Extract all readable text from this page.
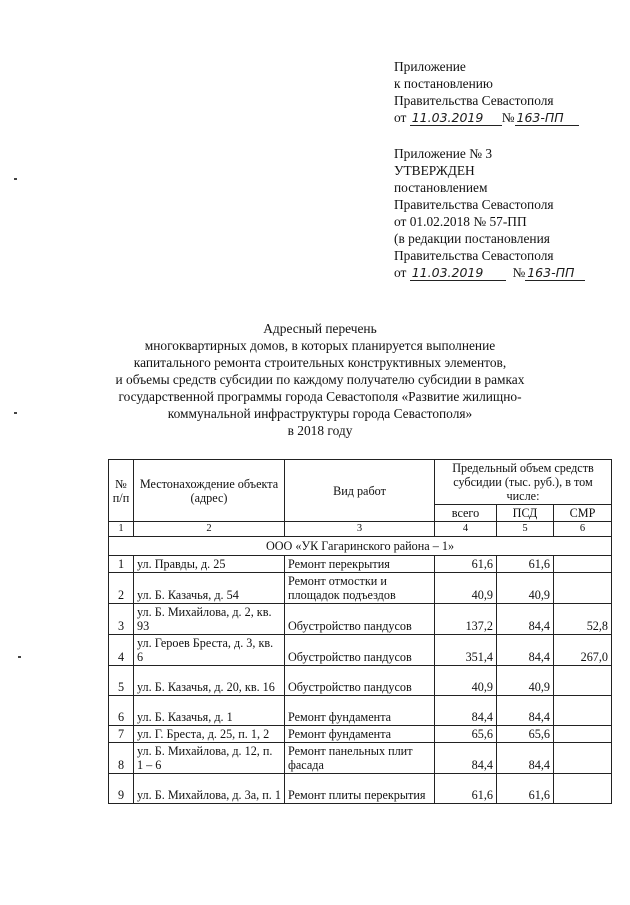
Приложение
к постановлению
Правительства Севастополя
от 11.03.2019 № 163-ПП
Приложение № 3
УТВЕРЖДЕН
постановлением
Правительства Севастополя
от 01.02.2018 № 57-ПП
(в редакции постановления
Правительства Севастополя
от 11.03.2019 № 163-ПП
Адресный перечень
многоквартирных домов, в которых планируется выполнение
капитального ремонта строительных конструктивных элементов,
и объемы средств субсидии по каждому получателю субсидии в рамках
государственной программы города Севастополя «Развитие жилищно-
коммунальной инфраструктуры города Севастополя»
в 2018 году
№ п/п	Местонахождение объекта (адрес)	Вид работ	Предельный объем средств субсидии (тыс. руб.), в том числе:		
			всего	ПСД	СМР
1	2	3	4	5	6
ООО «УК Гагаринского района – 1»					
1	ул. Правды, д. 25	Ремонт перекрытия	61,6	61,6	
2	ул. Б. Казачья, д. 54	Ремонт отмостки и площадок подъездов	40,9	40,9	
3	ул. Б. Михайлова, д. 2, кв. 93	Обустройство пандусов	137,2	84,4	52,8
4	ул. Героев Бреста, д. 3, кв. 6	Обустройство пандусов	351,4	84,4	267,0
5	ул. Б. Казачья, д. 20, кв. 16	Обустройство пандусов	40,9	40,9	
6	ул. Б. Казачья, д. 1	Ремонт фундамента	84,4	84,4	
7	ул. Г. Бреста, д. 25, п. 1, 2	Ремонт фундамента	65,6	65,6	
8	ул. Б. Михайлова, д. 12, п. 1 – 6	Ремонт панельных плит фасада	84,4	84,4	
9	ул. Б. Михайлова, д. 3а, п. 1	Ремонт плиты перекрытия	61,6	61,6	
